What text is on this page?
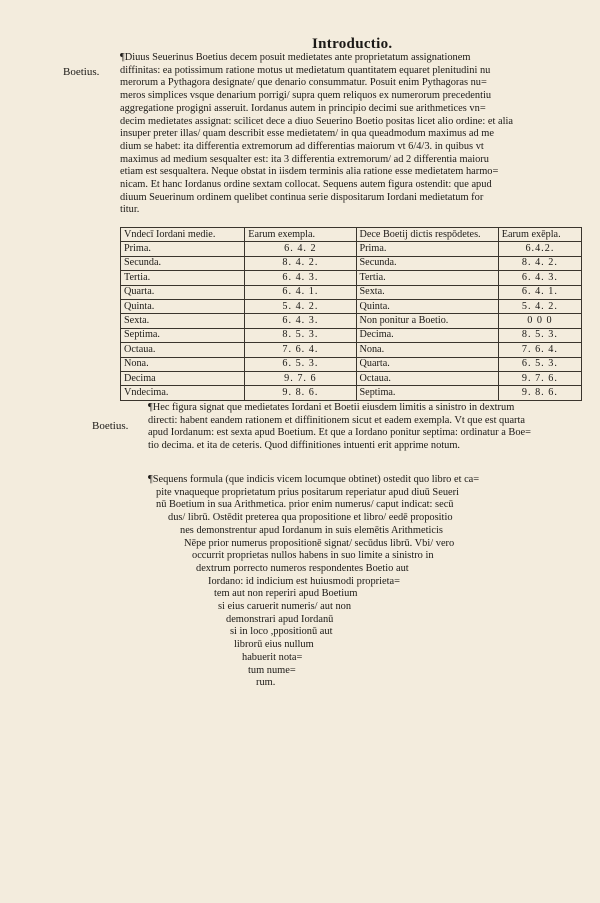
Introductio.
Boetius.
Boetius.
¶Diuus Seuerinus Boetius decem posuit medietates ante proprietatum assignationem
diffinitas: ea potissimum ratione motus ut medietatum quantitatem equaret plenitudini nu
merorum a Pythagora designate/ que denario consummatur. Posuit enim Pythagoras nu=
meros simplices vsque denarium porrigi/ supra quem reliquos ex numerorum precedentiu
aggregatione progigni asseruit. Iordanus autem in principio decimi sue arithmetices vn=
decim medietates assignat: scilicet dece a diuo Seuerino Boetio positas licet alio ordine: et alia
insuper preter illas/ quam describit esse medietatem/ in qua queadmodum maximus ad me
dium se habet: ita differentia extremorum ad differentias maiorum vt 6/4/3. in quibus vt
maximus ad medium sesqualter est: ita 3 differentia extremorum/ ad 2 differentia maioru
etiam est sesqualtera. Neque obstat in iisdem terminis alia ratione esse medietatem harmo=
nicam. Et hanc Iordanus ordine sextam collocat. Sequens autem figura ostendit: que apud
diuum Seuerinum ordinem quelibet continua serie dispositarum Iordani medietatum for
titur.
Vndecī Iordani medie.	Earum exempla.	Dece Boetij dictis respōdetes.	Earum exēpla.
Prima.	6. 4. 2	Prima.	6.4.2.
Secunda.	8. 4. 2.	Secunda.	8. 4. 2.
Tertia.	6. 4. 3.	Tertia.	6. 4. 3.
Quarta.	6. 4. 1.	Sexta.	6. 4. 1.
Quinta.	5. 4. 2.	Quinta.	5. 4. 2.
Sexta.	6. 4. 3.	Non ponitur a Boetio.	0 0 0
Septima.	8. 5. 3.	Decima.	8. 5. 3.
Octaua.	7. 6. 4.	Nona.	7. 6. 4.
Nona.	6. 5. 3.	Quarta.	6. 5. 3.
Decima	9. 7. 6	Octaua.	9. 7. 6.
Vndecima.	9. 8. 6.	Septima.	9. 8. 6.
¶Hec figura signat que medietates Iordani et Boetii eiusdem limitis a sinistro in dextrum
directi: habent eandem rationem et diffinitionem sicut et eadem exempla. Vt que est quarta
apud Iordanum: est sexta apud Boetium. Et que a Iordano ponitur septima: ordinatur a Boe=
tio decima. et ita de ceteris. Quod diffinitiones intuenti erit apprime notum.
¶Sequens formula (que indicis vicem locumque obtinet) ostedit quo libro et ca=
pite vnaqueque proprietatum prius positarum reperiatur apud diuū Seueri
nū Boetium in sua Arithmetica. prior enim numerus/ caput indicat: secū
dus/ librū. Ostēdit preterea qua propositione et libro/ eedē propositio
nes demonstrentur apud Iordanum in suis elemētis Arithmeticis
Nēpe prior numerus propositionē signat/ secūdus librū. Vbi/ vero
occurrit proprietas nullos habens in suo limite a sinistro in
dextrum porrecto numeros respondentes Boetio aut
Iordano: id indicium est huiusmodi proprieta=
tem aut non reperiri apud Boetium
si eius caruerit numeris/ aut non
demonstrari apud Iordanū
si in loco ,ppositionū aut
librorū eius nullum
habuerit nota=
tum nume=
rum.
